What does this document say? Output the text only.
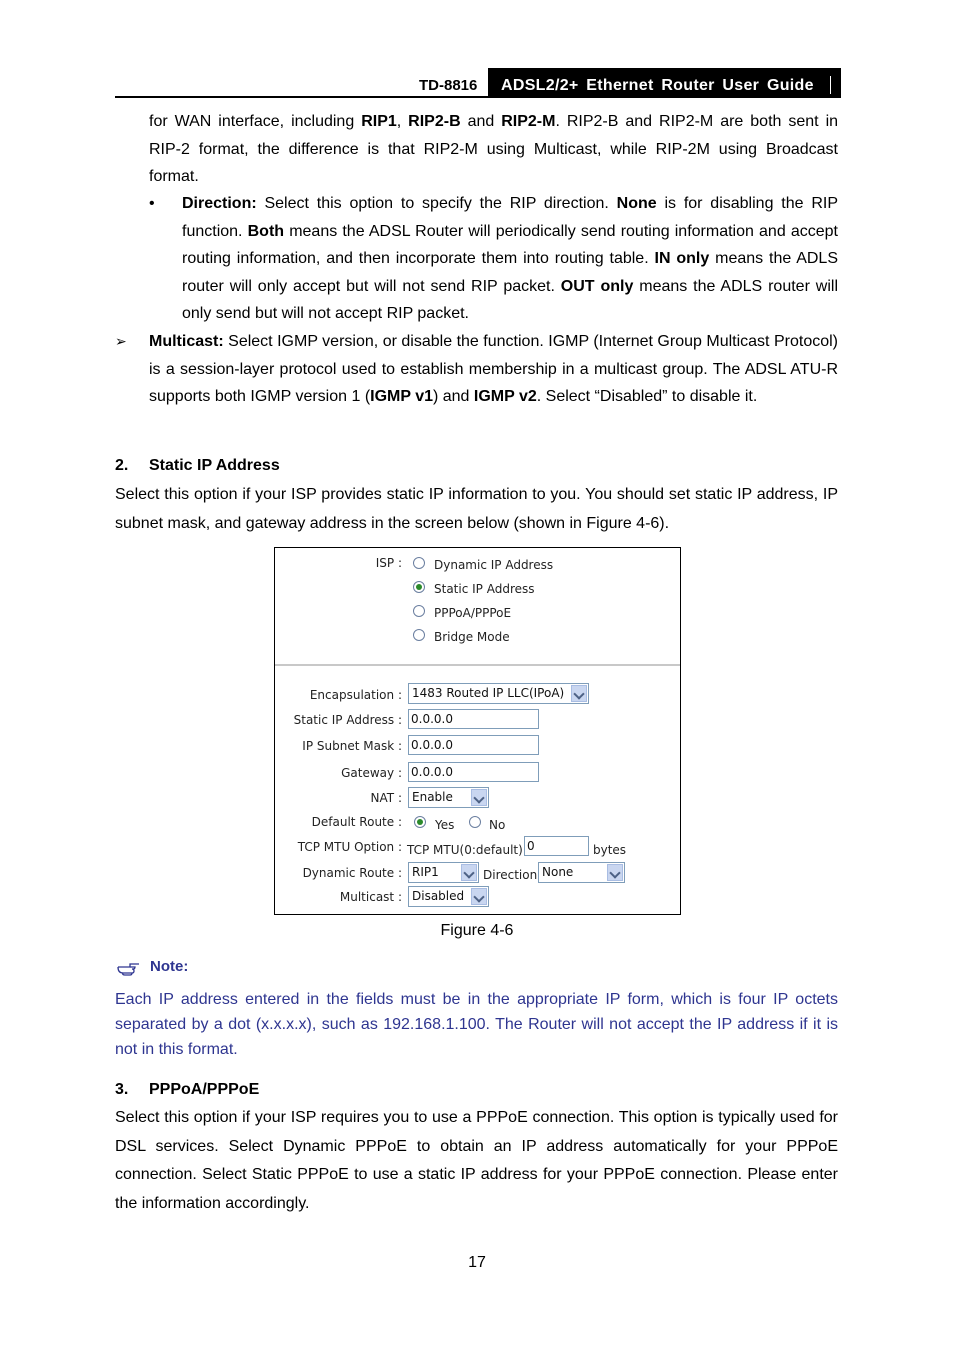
TD-8816 ADSL2/2+ Ethernet Router User Guide
for WAN interface, including RIP1, RIP2-B and RIP2-M. RIP2-B and RIP2-M are both sent in RIP-2 format, the difference is that RIP2-M using Multicast, while RIP-2M using Broadcast format.
• Direction: Select this option to specify the RIP direction. None is for disabling the RIP function. Both means the ADSL Router will periodically send routing information and accept routing information, and then incorporate them into routing table. IN only means the ADLS router will only accept but will not send RIP packet. OUT only means the ADLS router will only send but will not accept RIP packet.
➢ Multicast: Select IGMP version, or disable the function. IGMP (Internet Group Multicast Protocol) is a session-layer protocol used to establish membership in a multicast group. The ADSL ATU-R supports both IGMP version 1 (IGMP v1) and IGMP v2. Select “Disabled” to disable it.
2. Static IP Address
Select this option if your ISP provides static IP information to you. You should set static IP address, IP subnet mask, and gateway address in the screen below (shown in Figure 4-6).
ISP :	Dynamic IP Address
Static IP Address
PPPoA/PPPoE
Bridge Mode
Encapsulation : 1483 Routed IP LLC(IPoA)
Static IP Address : 0.0.0.0
IP Subnet Mask : 0.0.0.0
Gateway : 0.0.0.0
NAT : Enable
Default Route :	Yes	No
TCP MTU Option : TCP MTU(0:default) 0	bytes
Dynamic Route : RIP1	Direction None
Multicast : Disabled
Figure 4-6
Note:
Each IP address entered in the fields must be in the appropriate IP form, which is four IP octets separated by a dot (x.x.x.x), such as 192.168.1.100. The Router will not accept the IP address if it is not in this format.
3. PPPoA/PPPoE
Select this option if your ISP requires you to use a PPPoE connection. This option is typically used for DSL services. Select Dynamic PPPoE to obtain an IP address automatically for your PPPoE connection. Select Static PPPoE to use a static IP address for your PPPoE connection. Please enter the information accordingly.
17
